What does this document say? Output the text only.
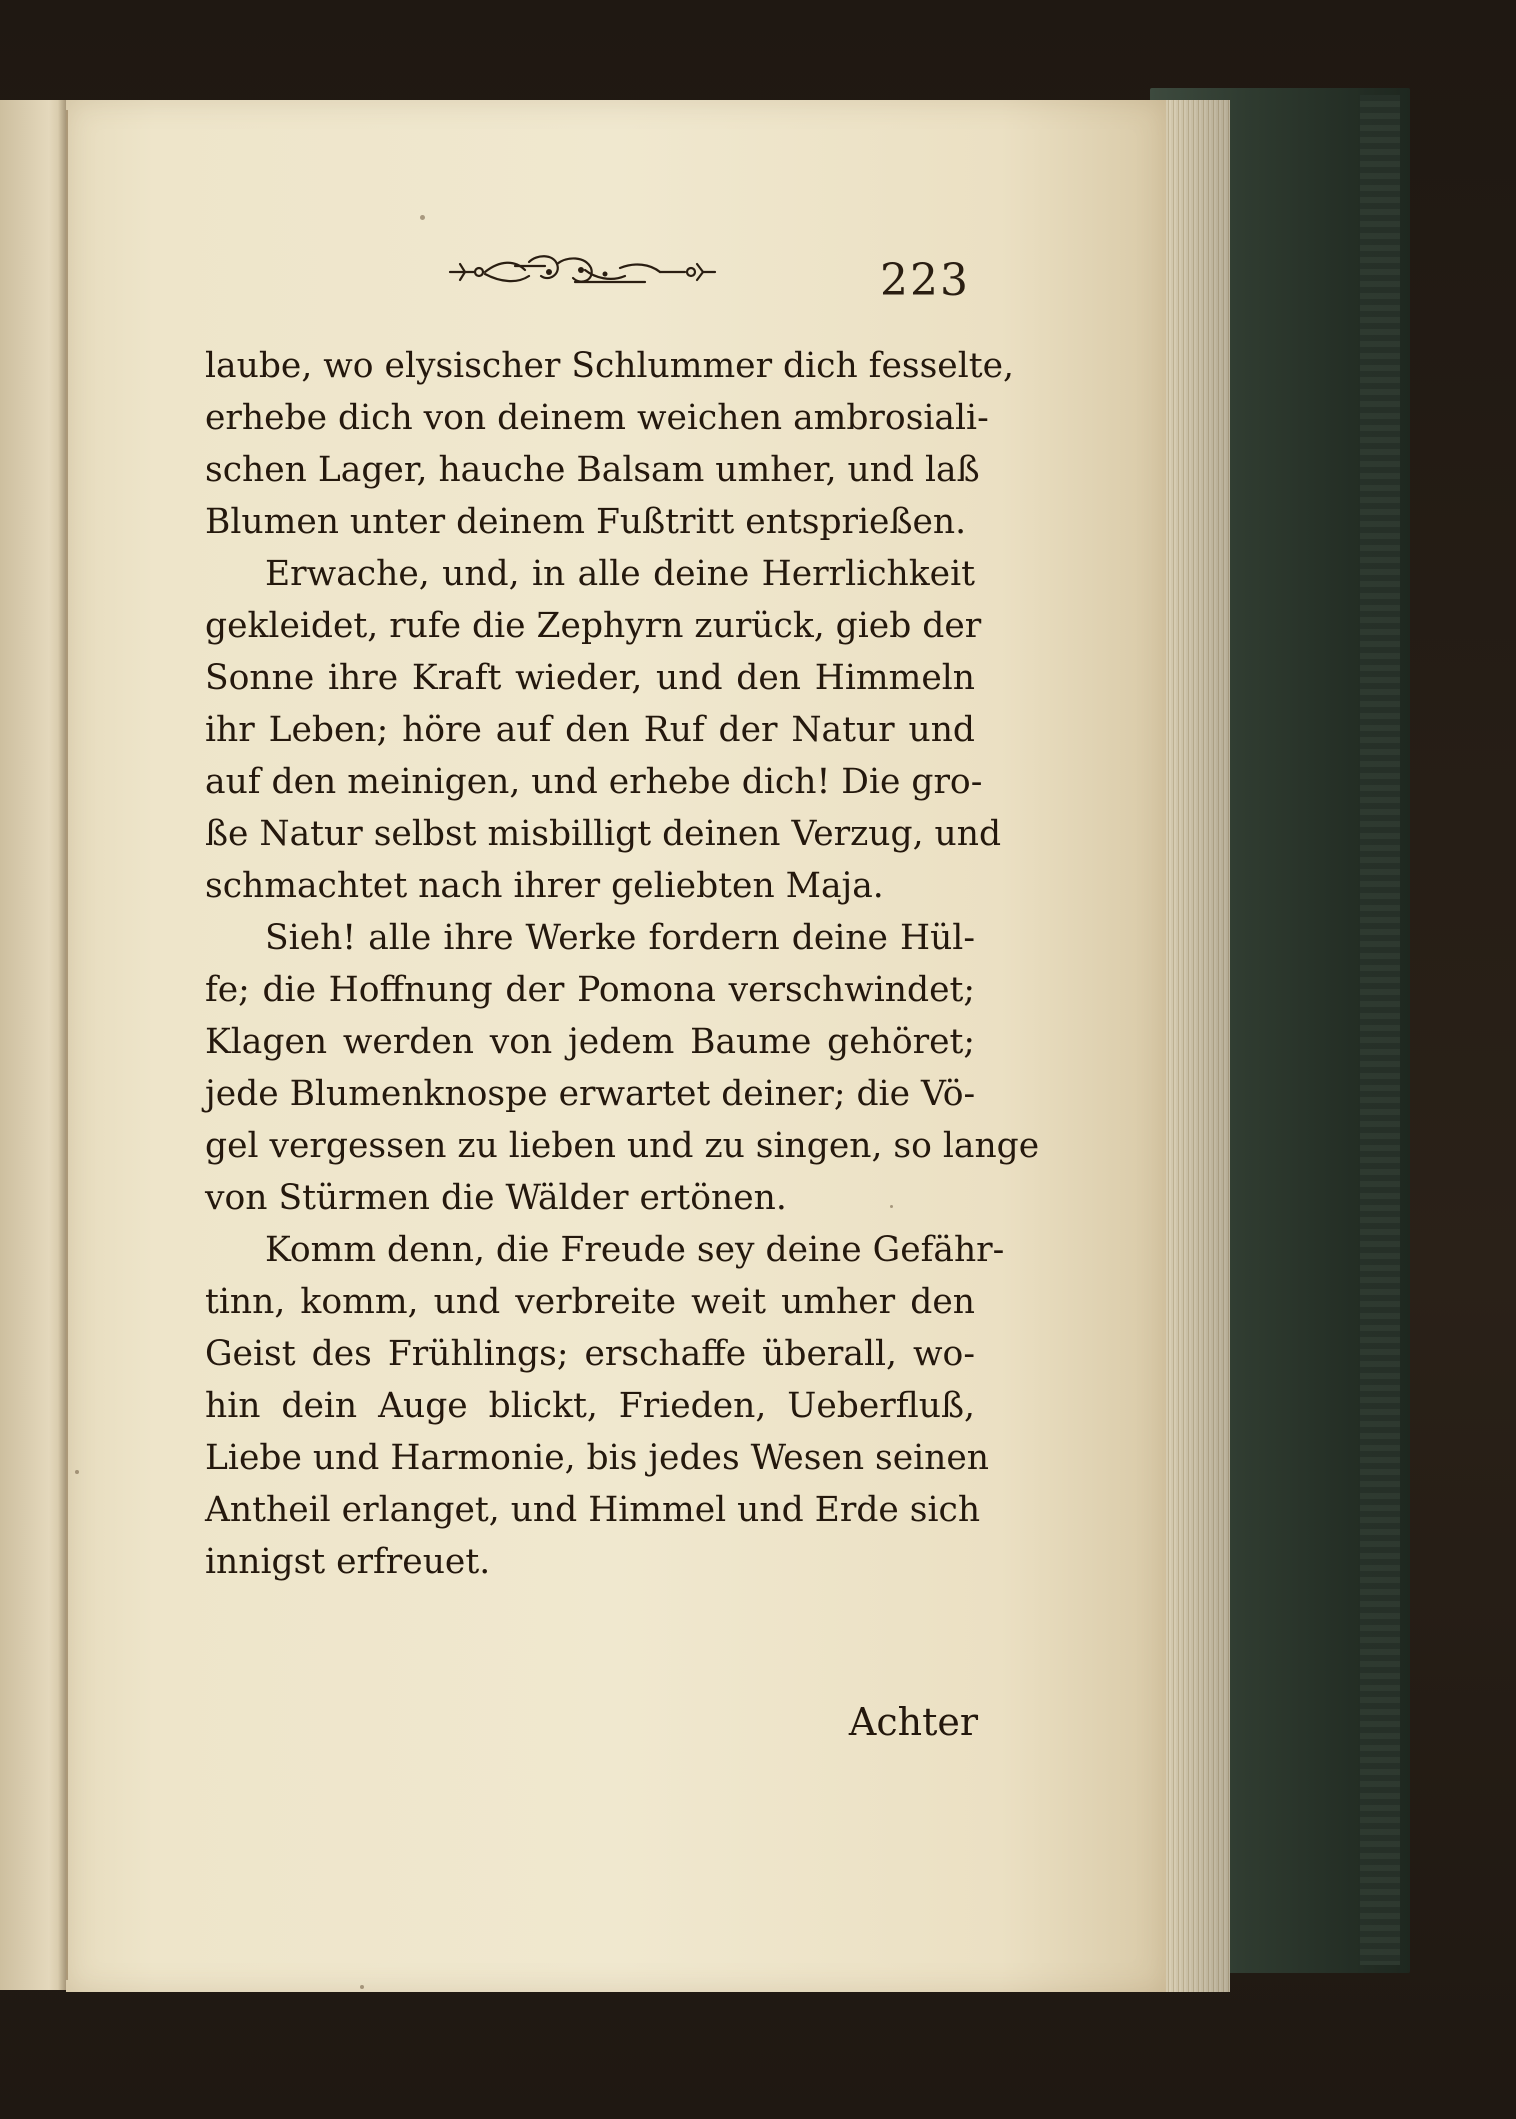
223
laube, wo elysischer Schlummer dich fesselte,
erhebe dich von deinem weichen ambrosiali-
schen Lager, hauche Balsam umher, und laß
Blumen unter deinem Fußtritt entsprießen.
Erwache, und, in alle deine Herrlichkeit
gekleidet, rufe die Zephyrn zurück, gieb der
Sonne ihre Kraft wieder, und den Himmeln
ihr Leben; höre auf den Ruf der Natur und
auf den meinigen, und erhebe dich! Die gro-
ße Natur selbst misbilligt deinen Verzug, und
schmachtet nach ihrer geliebten Maja.
Sieh! alle ihre Werke fordern deine Hül-
fe; die Hoffnung der Pomona verschwindet;
Klagen werden von jedem Baume gehöret;
jede Blumenknospe erwartet deiner; die Vö-
gel vergessen zu lieben und zu singen, so lange
von Stürmen die Wälder ertönen.
Komm denn, die Freude sey deine Gefähr-
tinn, komm, und verbreite weit umher den
Geist des Frühlings; erschaffe überall, wo-
hin dein Auge blickt, Frieden, Ueberfluß,
Liebe und Harmonie, bis jedes Wesen seinen
Antheil erlanget, und Himmel und Erde sich
innigst erfreuet.
Achter
